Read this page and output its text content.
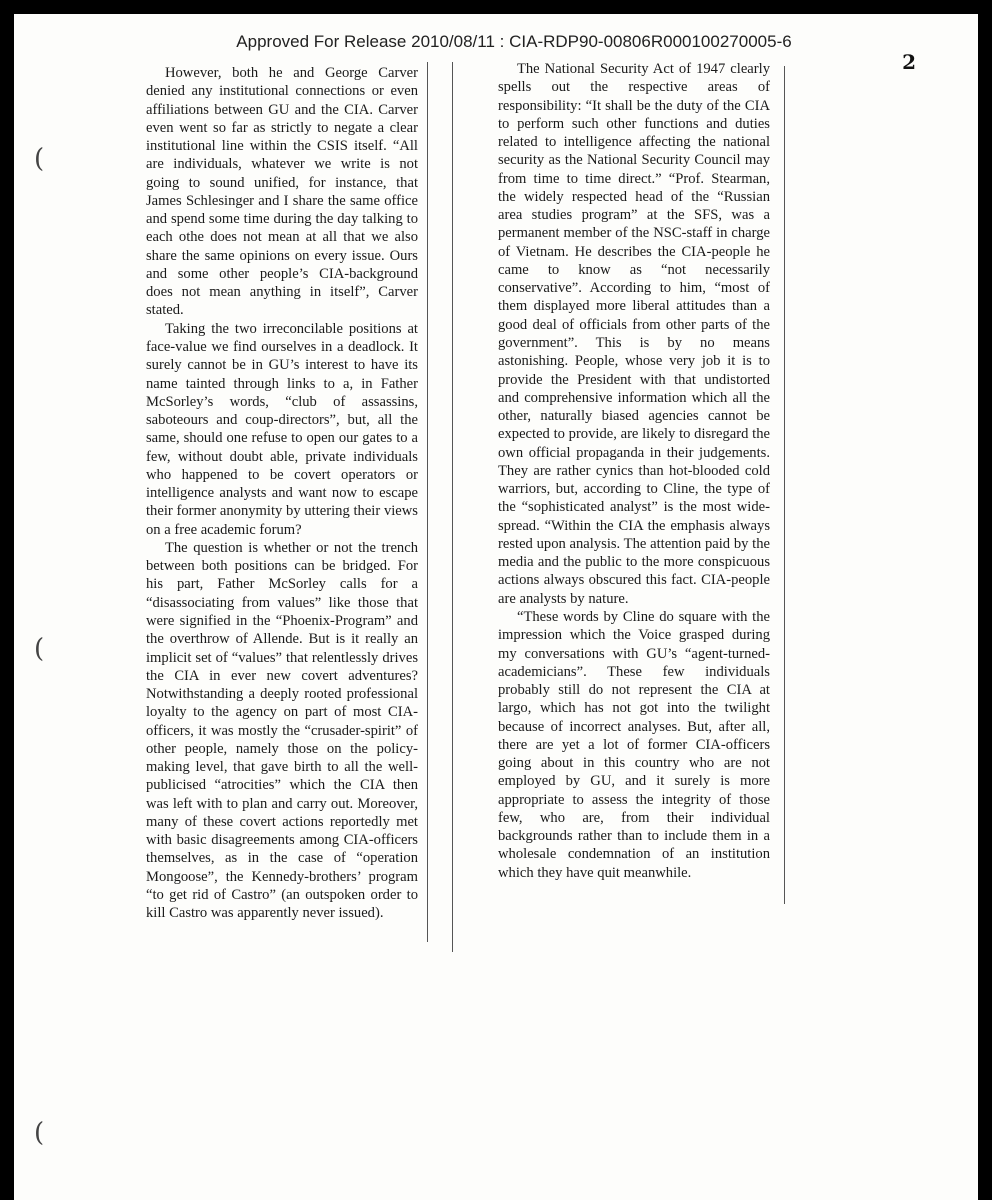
Approved For Release 2010/08/11 : CIA-RDP90-00806R000100270005-6
2
(
(
(

However, both he and George Carver denied any institutional connections or even affiliations between GU and the CIA. Carver even went so far as strictly to negate a clear institutional line within the CSIS itself. “All are individuals, whatever we write is not going to sound unified, for instance, that James Schlesinger and I share the same office and spend some time during the day talking to each othe does not mean at all that we also share the same opinions on every issue. Ours and some other people’s CIA-background does not mean anything in itself”, Carver stated.

Taking the two irreconcilable positions at face-value we find ourselves in a deadlock. It surely cannot be in GU’s interest to have its name tainted through links to a, in Father McSorley’s words, “club of assassins, saboteours and coup-directors”, but, all the same, should one refuse to open our gates to a few, without doubt able, private individuals who happened to be covert operators or intelligence analysts and want now to escape their former anonymity by uttering their views on a free academic forum?

The question is whether or not the trench between both positions can be bridged. For his part, Father McSorley calls for a “disassociating from values” like those that were signified in the “Phoenix-Program” and the overthrow of Allende. But is it really an implicit set of “values” that relentlessly drives the CIA in ever new covert adventures? Notwithstanding a deeply rooted professional loyalty to the agency on part of most CIA-officers, it was mostly the “crusader-spirit” of other people, namely those on the policy-making level, that gave birth to all the well-publicised “atrocities” which the CIA then was left with to plan and carry out. Moreover, many of these covert actions reportedly met with basic disagreements among CIA-officers themselves, as in the case of “operation Mongoose”, the Kennedy-brothers’ program “to get rid of Castro” (an outspoken order to kill Castro was apparently never issued).

The National Security Act of 1947 clearly spells out the respective areas of responsibility: “It shall be the duty of the CIA to perform such other functions and duties related to intelligence affecting the national security as the National Security Council may from time to time direct.” “Prof. Stearman, the widely respected head of the “Russian area studies program” at the SFS, was a permanent member of the NSC-staff in charge of Vietnam. He describes the CIA-people he came to know as “not necessarily conservative”. According to him, “most of them displayed more liberal attitudes than a good deal of officials from other parts of the government”. This is by no means astonishing. People, whose very job it is to provide the President with that undistorted and comprehensive information which all the other, naturally biased agencies cannot be expected to provide, are likely to disregard the own official propaganda in their judgements. They are rather cynics than hot-blooded cold warriors, but, according to Cline, the type of the “sophisticated analyst” is the most wide-spread. “Within the CIA the emphasis always rested upon analysis. The attention paid by the media and the public to the more conspicuous actions always obscured this fact. CIA-people are analysts by nature.

“These words by Cline do square with the impression which the Voice grasped during my conversations with GU’s “agent-turned-academicians”. These few individuals probably still do not represent the CIA at largo, which has not got into the twilight because of incorrect analyses. But, after all, there are yet a lot of former CIA-officers going about in this country who are not employed by GU, and it surely is more appropriate to assess the integrity of those few, who are, from their individual backgrounds rather than to include them in a wholesale condemnation of an institution which they have quit meanwhile.
